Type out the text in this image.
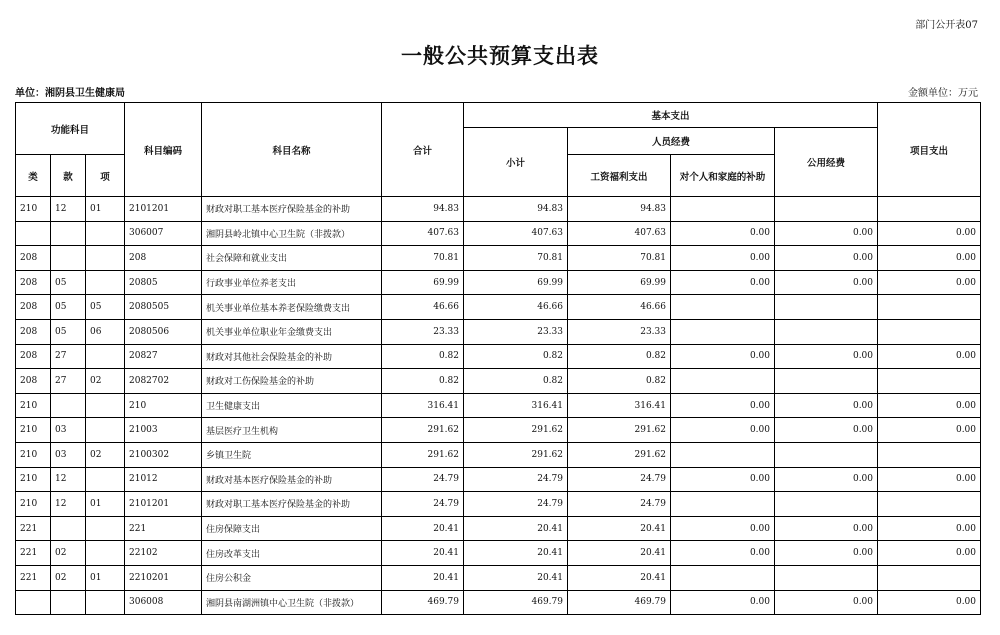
部门公开表07
一般公共预算支出表
单位：湘阴县卫生健康局	金额单位：万元
功能科目			科目编码	科目名称	合计	基本支出				项目支出
						小计	人员经费		公用经费	
类	款	项					工资福利支出	对个人和家庭的补助		
210	12	01	2101201	财政对职工基本医疗保险基金的补助	94.83	94.83	94.83			
			306007	湘阴县岭北镇中心卫生院（非拨款）	407.63	407.63	407.63	0.00	0.00	0.00
208			208	社会保障和就业支出	70.81	70.81	70.81	0.00	0.00	0.00
208	05		20805	行政事业单位养老支出	69.99	69.99	69.99	0.00	0.00	0.00
208	05	05	2080505	机关事业单位基本养老保险缴费支出	46.66	46.66	46.66			
208	05	06	2080506	机关事业单位职业年金缴费支出	23.33	23.33	23.33			
208	27		20827	财政对其他社会保险基金的补助	0.82	0.82	0.82	0.00	0.00	0.00
208	27	02	2082702	财政对工伤保险基金的补助	0.82	0.82	0.82			
210			210	卫生健康支出	316.41	316.41	316.41	0.00	0.00	0.00
210	03		21003	基层医疗卫生机构	291.62	291.62	291.62	0.00	0.00	0.00
210	03	02	2100302	乡镇卫生院	291.62	291.62	291.62			
210	12		21012	财政对基本医疗保险基金的补助	24.79	24.79	24.79	0.00	0.00	0.00
210	12	01	2101201	财政对职工基本医疗保险基金的补助	24.79	24.79	24.79			
221			221	住房保障支出	20.41	20.41	20.41	0.00	0.00	0.00
221	02		22102	住房改革支出	20.41	20.41	20.41	0.00	0.00	0.00
221	02	01	2210201	住房公积金	20.41	20.41	20.41			
			306008	湘阴县南湖洲镇中心卫生院（非拨款）	469.79	469.79	469.79	0.00	0.00	0.00
